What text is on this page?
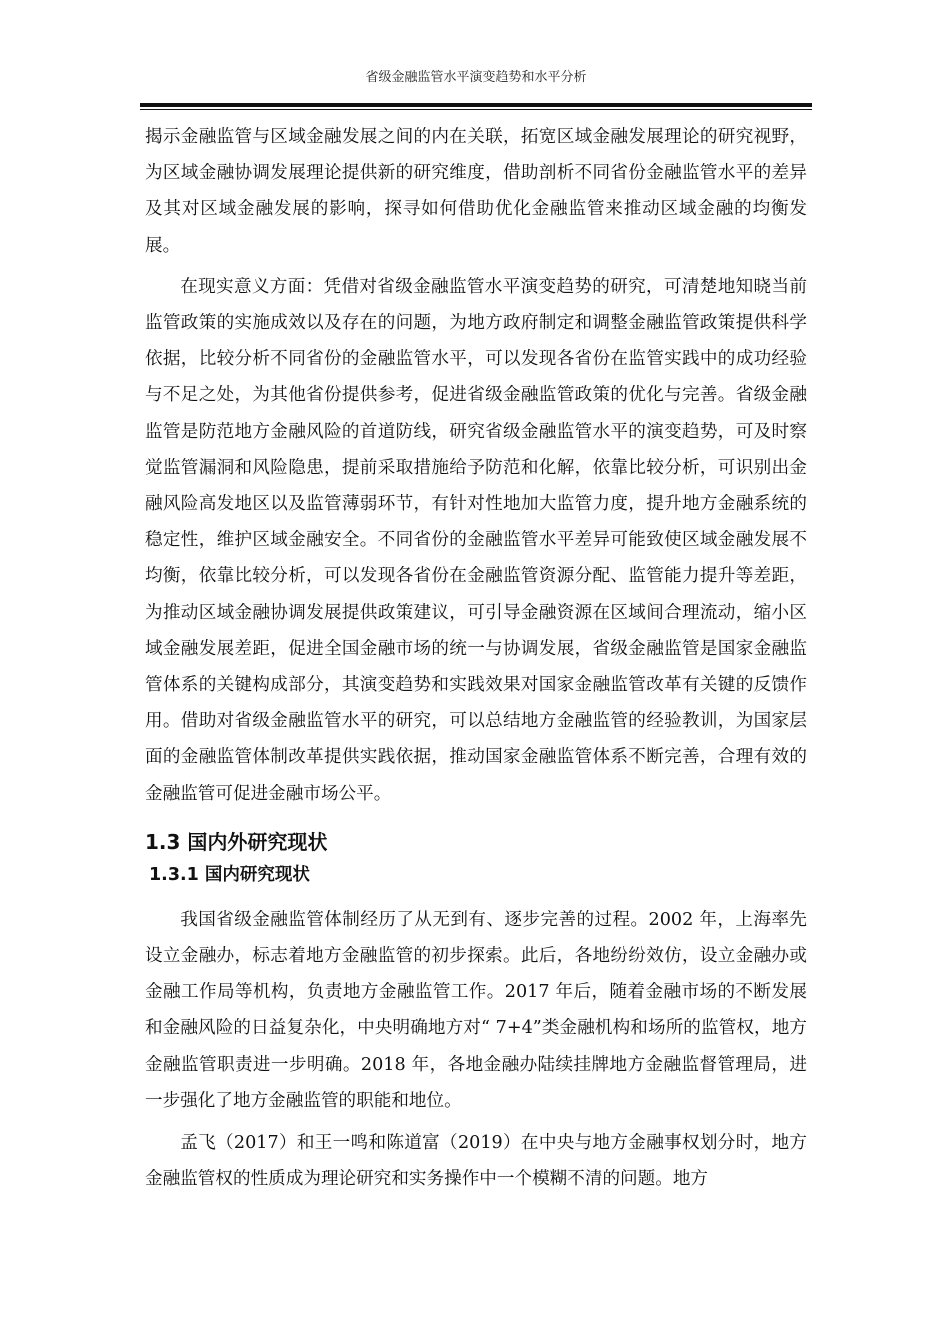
省级金融监管水平演变趋势和水平分析

揭示金融监管与区域金融发展之间的内在关联，拓宽区域金融发展理论的研究视野，为区域金融协调发展理论提供新的研究维度，借助剖析不同省份金融监管水平的差异及其对区域金融发展的影响，探寻如何借助优化金融监管来推动区域金融的均衡发展。

在现实意义方面：凭借对省级金融监管水平演变趋势的研究，可清楚地知晓当前监管政策的实施成效以及存在的问题，为地方政府制定和调整金融监管政策提供科学依据，比较分析不同省份的金融监管水平，可以发现各省份在监管实践中的成功经验与不足之处，为其他省份提供参考，促进省级金融监管政策的优化与完善。省级金融监管是防范地方金融风险的首道防线，研究省级金融监管水平的演变趋势，可及时察觉监管漏洞和风险隐患，提前采取措施给予防范和化解，依靠比较分析，可识别出金融风险高发地区以及监管薄弱环节，有针对性地加大监管力度，提升地方金融系统的稳定性，维护区域金融安全。不同省份的金融监管水平差异可能致使区域金融发展不均衡，依靠比较分析，可以发现各省份在金融监管资源分配、监管能力提升等差距，为推动区域金融协调发展提供政策建议，可引导金融资源在区域间合理流动，缩小区域金融发展差距，促进全国金融市场的统一与协调发展，省级金融监管是国家金融监管体系的关键构成部分，其演变趋势和实践效果对国家金融监管改革有关键的反馈作用。借助对省级金融监管水平的研究，可以总结地方金融监管的经验教训，为国家层面的金融监管体制改革提供实践依据，推动国家金融监管体系不断完善，合理有效的金融监管可促进金融市场公平。

1.3 国内外研究现状
1.3.1 国内研究现状

我国省级金融监管体制经历了从无到有、逐步完善的过程。2002 年，上海率先设立金融办，标志着地方金融监管的初步探索。此后，各地纷纷效仿，设立金融办或金融工作局等机构，负责地方金融监管工作。2017 年后，随着金融市场的不断发展和金融风险的日益复杂化，中央明确地方对“ 7+4”类金融机构和场所的监管权，地方金融监管职责进一步明确。2018 年，各地金融办陆续挂牌地方金融监督管理局，进一步强化了地方金融监管的职能和地位。

孟飞（2017）和王一鸣和陈道富（2019）在中央与地方金融事权划分时，地方金融监管权的性质成为理论研究和实务操作中一个模糊不清的问题。地方
